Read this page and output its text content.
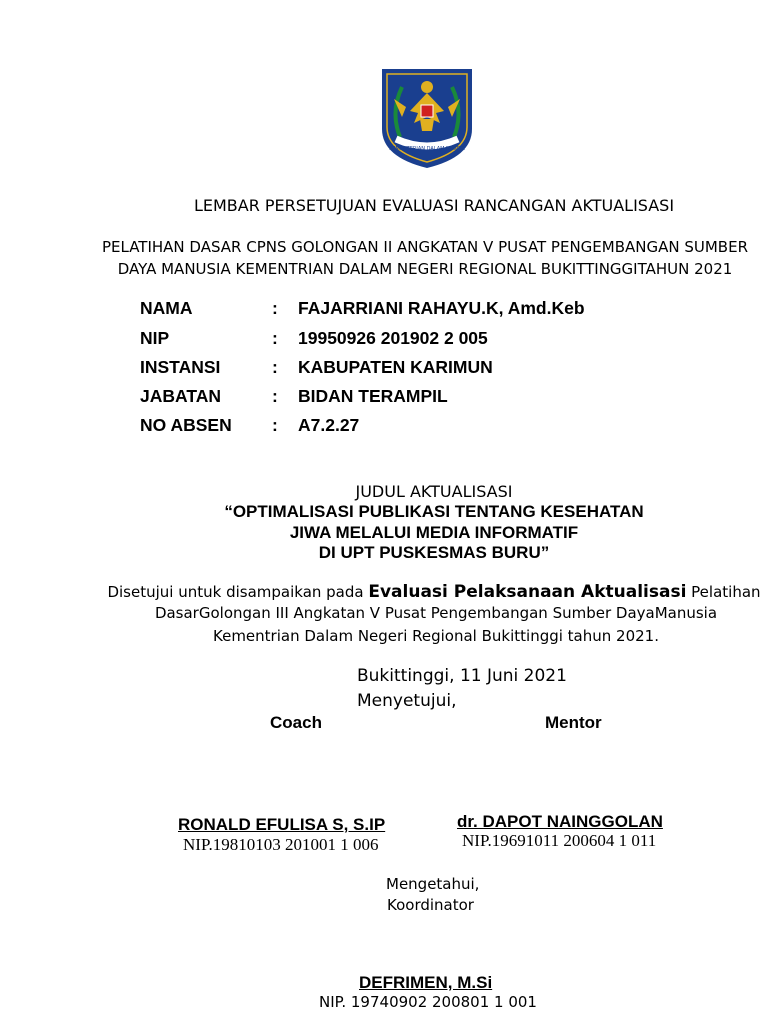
KEMENTERIAN DALAM NEGERI
LEMBAR PERSETUJUAN EVALUASI RANCANGAN AKTUALISASI
PELATIHAN DASAR CPNS GOLONGAN II ANGKATAN V PUSAT PENGEMBANGAN SUMBER
DAYA MANUSIA KEMENTRIAN DALAM NEGERI REGIONAL BUKITTINGGITAHUN 2021
NAMA	: FAJARRIANI RAHAYU.K, Amd.Keb
NIP	: 19950926 201902 2 005
INSTANSI	: KABUPATEN KARIMUN
JABATAN	: BIDAN TERAMPIL
NO ABSEN : A7.2.27
JUDUL AKTUALISASI
“OPTIMALISASI PUBLIKASI TENTANG KESEHATAN
JIWA MELALUI MEDIA INFORMATIF
DI UPT PUSKESMAS BURU”
Disetujui untuk disampaikan pada Evaluasi Pelaksanaan Aktualisasi Pelatihan
DasarGolongan III Angkatan V Pusat Pengembangan Sumber DayaManusia
Kementrian Dalam Negeri Regional Bukittinggi tahun 2021.
Bukittinggi, 11 Juni 2021
Menyetujui,
Coach	Mentor
RONALD EFULISA S, S.IP
NIP.19810103 201001 1 006
dr. DAPOT NAINGGOLAN
NIP.19691011 200604 1 011
Mengetahui,
Koordinator
DEFRIMEN, M.Si
NIP. 19740902 200801 1 001
